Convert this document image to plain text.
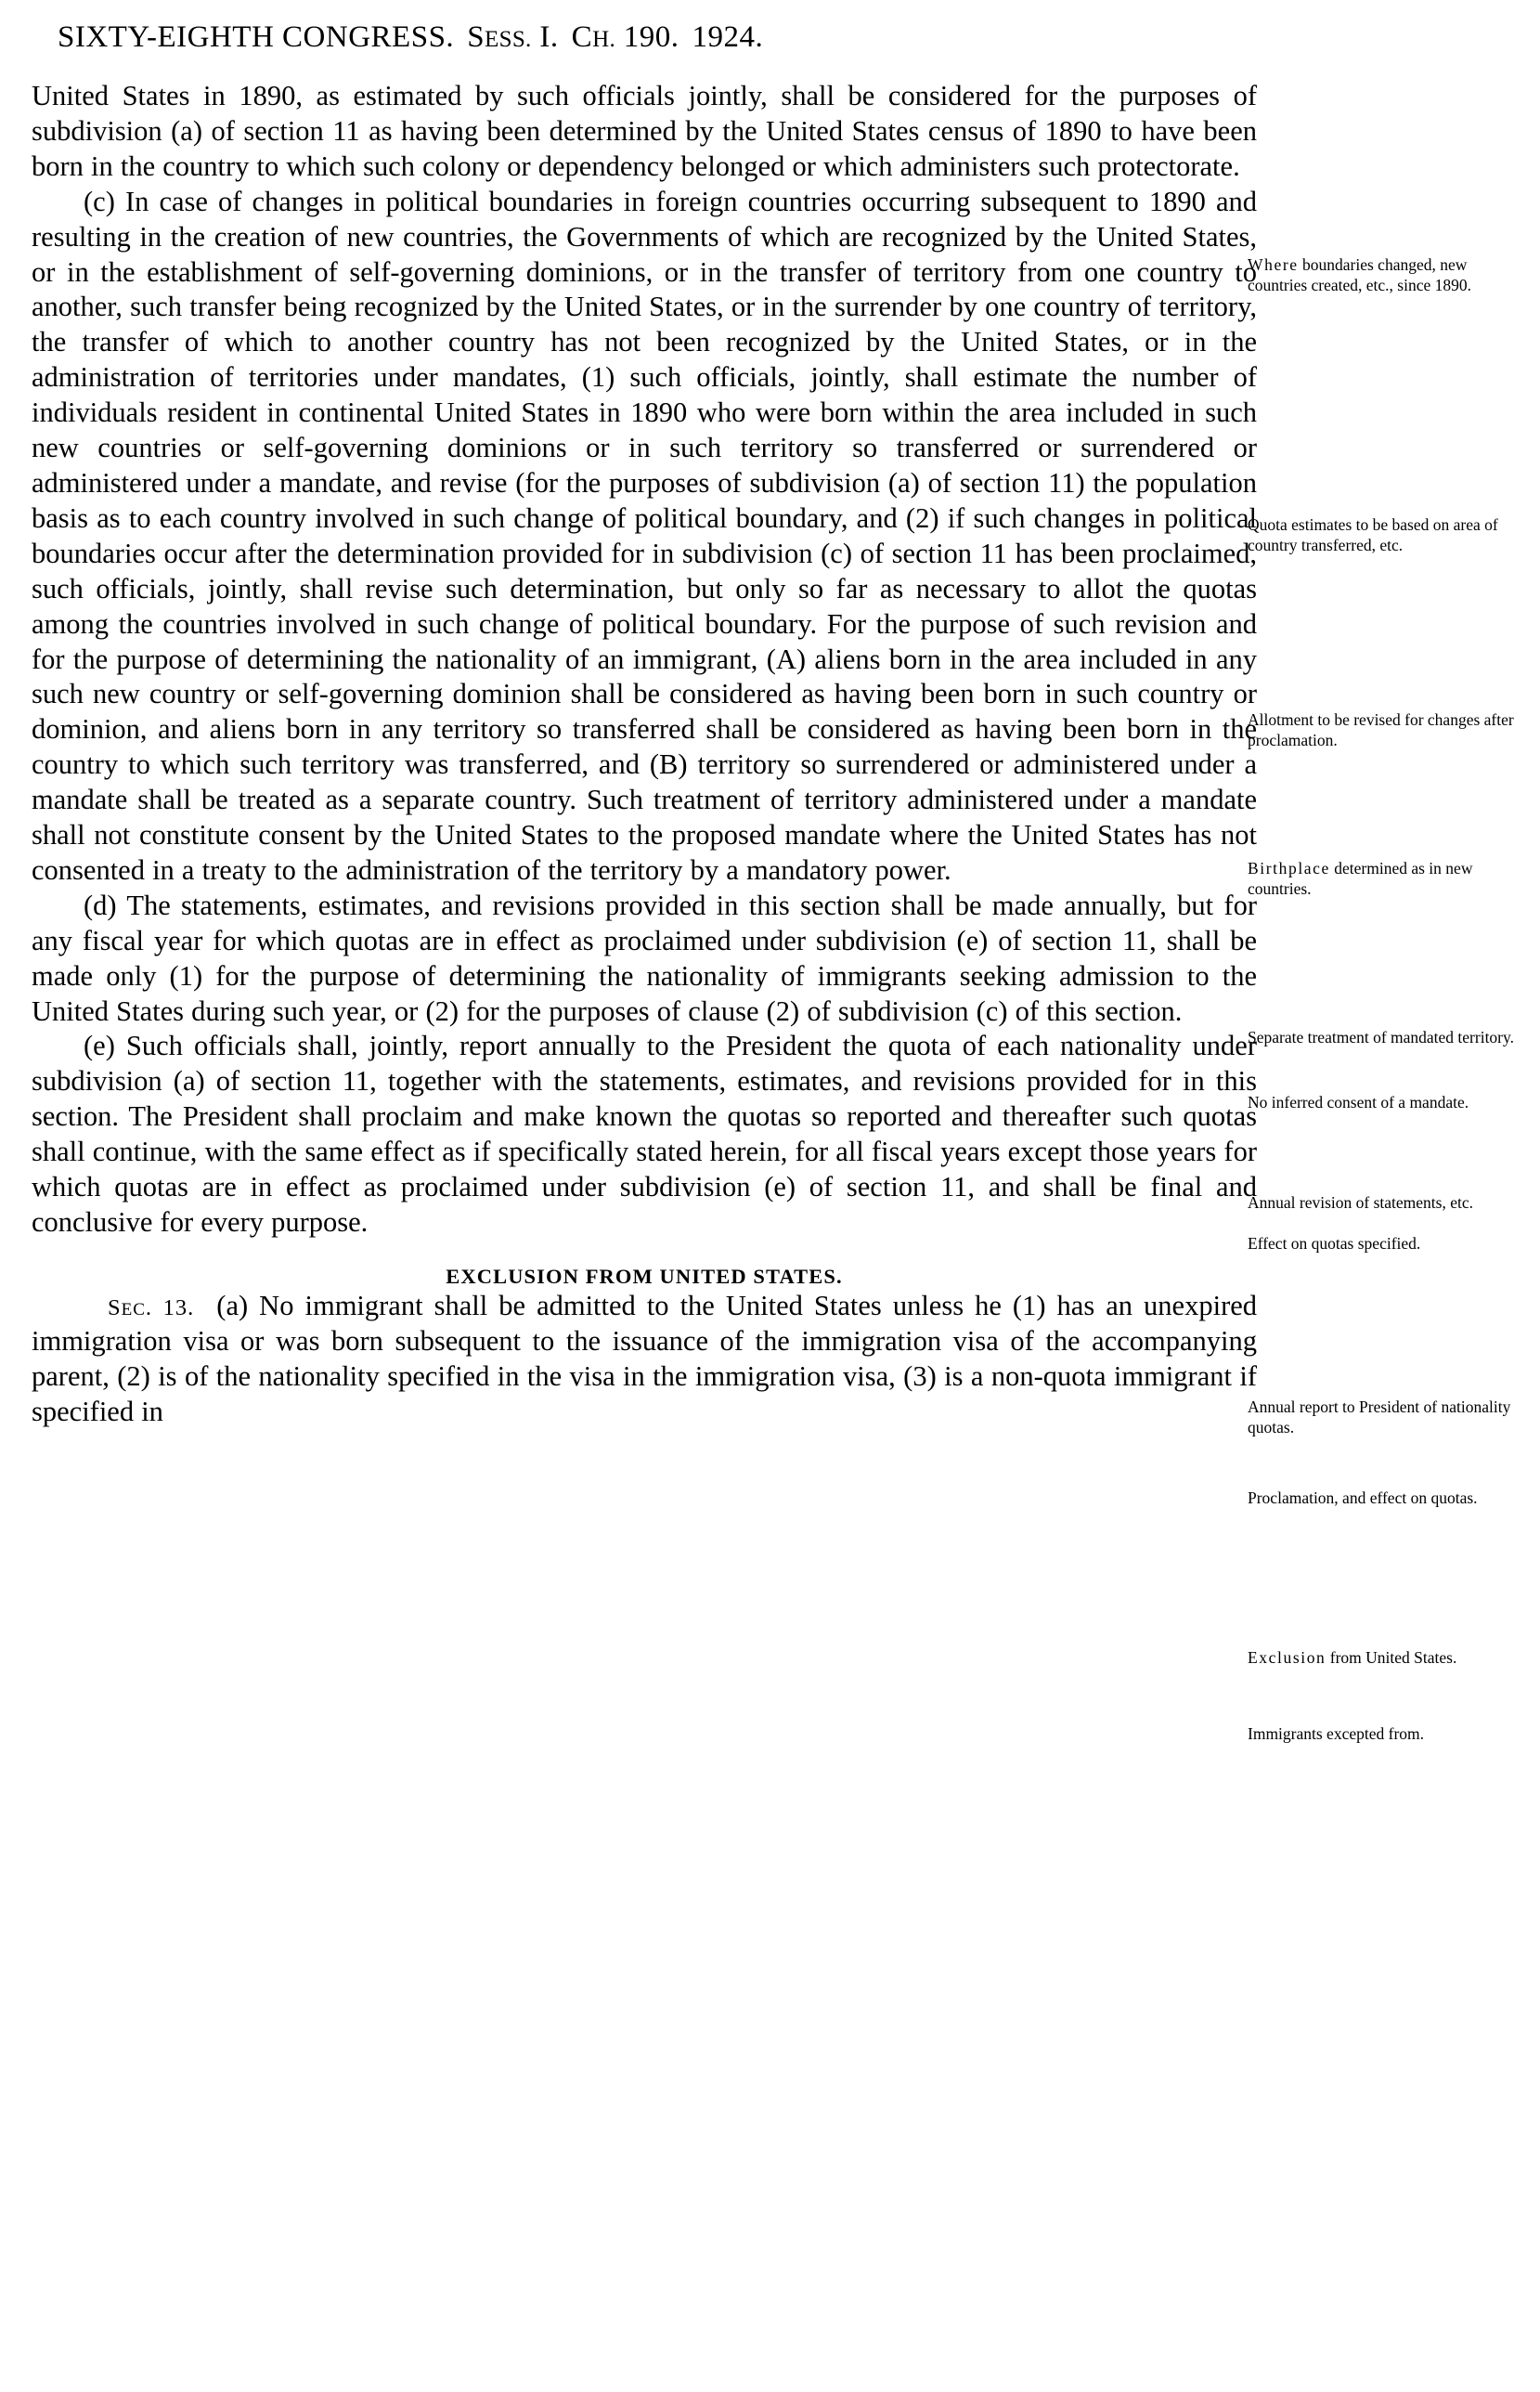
SIXTY-EIGHTH CONGRESS. SESS. I. CH. 190. 1924.

United States in 1890, as estimated by such officials jointly, shall be considered for the purposes of subdivision (a) of section 11 as having been determined by the United States census of 1890 to have been born in the country to which such colony or dependency belonged or which administers such protectorate.

(c) In case of changes in political boundaries in foreign countries occurring subsequent to 1890 and resulting in the creation of new countries, the Governments of which are recognized by the United States, or in the establishment of self-governing dominions, or in the transfer of territory from one country to another, such transfer being recognized by the United States, or in the surrender by one country of territory, the transfer of which to another country has not been recognized by the United States, or in the administration of territories under mandates, (1) such officials, jointly, shall estimate the number of individuals resident in continental United States in 1890 who were born within the area included in such new countries or self-governing dominions or in such territory so transferred or surrendered or administered under a mandate, and revise (for the purposes of subdivision (a) of section 11) the population basis as to each country involved in such change of political boundary, and (2) if such changes in political boundaries occur after the determination provided for in subdivision (c) of section 11 has been proclaimed, such officials, jointly, shall revise such determination, but only so far as necessary to allot the quotas among the countries involved in such change of political boundary. For the purpose of such revision and for the purpose of determining the nationality of an immigrant, (A) aliens born in the area included in any such new country or self-governing dominion shall be considered as having been born in such country or dominion, and aliens born in any territory so transferred shall be considered as having been born in the country to which such territory was transferred, and (B) territory so surrendered or administered under a mandate shall be treated as a separate country. Such treatment of territory administered under a mandate shall not constitute consent by the United States to the proposed mandate where the United States has not consented in a treaty to the administration of the territory by a mandatory power.

(d) The statements, estimates, and revisions provided in this section shall be made annually, but for any fiscal year for which quotas are in effect as proclaimed under subdivision (e) of section 11, shall be made only (1) for the purpose of determining the nationality of immigrants seeking admission to the United States during such year, or (2) for the purposes of clause (2) of subdivision (c) of this section.

(e) Such officials shall, jointly, report annually to the President the quota of each nationality under subdivision (a) of section 11, together with the statements, estimates, and revisions provided for in this section. The President shall proclaim and make known the quotas so reported and thereafter such quotas shall continue, with the same effect as if specifically stated herein, for all fiscal years except those years for which quotas are in effect as proclaimed under subdivision (e) of section 11, and shall be final and conclusive for every purpose.

EXCLUSION FROM UNITED STATES.

SEC. 13. (a) No immigrant shall be admitted to the United States unless he (1) has an unexpired immigration visa or was born subsequent to the issuance of the immigration visa of the accompanying parent, (2) is of the nationality specified in the visa in the immigration visa, (3) is a non-quota immigrant if specified in

Where boundaries changed, new countries created, etc., since 1890.
Quota estimates to be based on area of country transferred, etc.
Allotment to be revised for changes after proclamation.
Birthplace determined as in new countries.
Separate treatment of mandated territory.
No inferred consent of a mandate.
Annual revision of statements, etc.
Effect on quotas specified.
Annual report to President of nationality quotas.
Proclamation, and effect on quotas.
Exclusion from United States.
Immigrants excepted from.
